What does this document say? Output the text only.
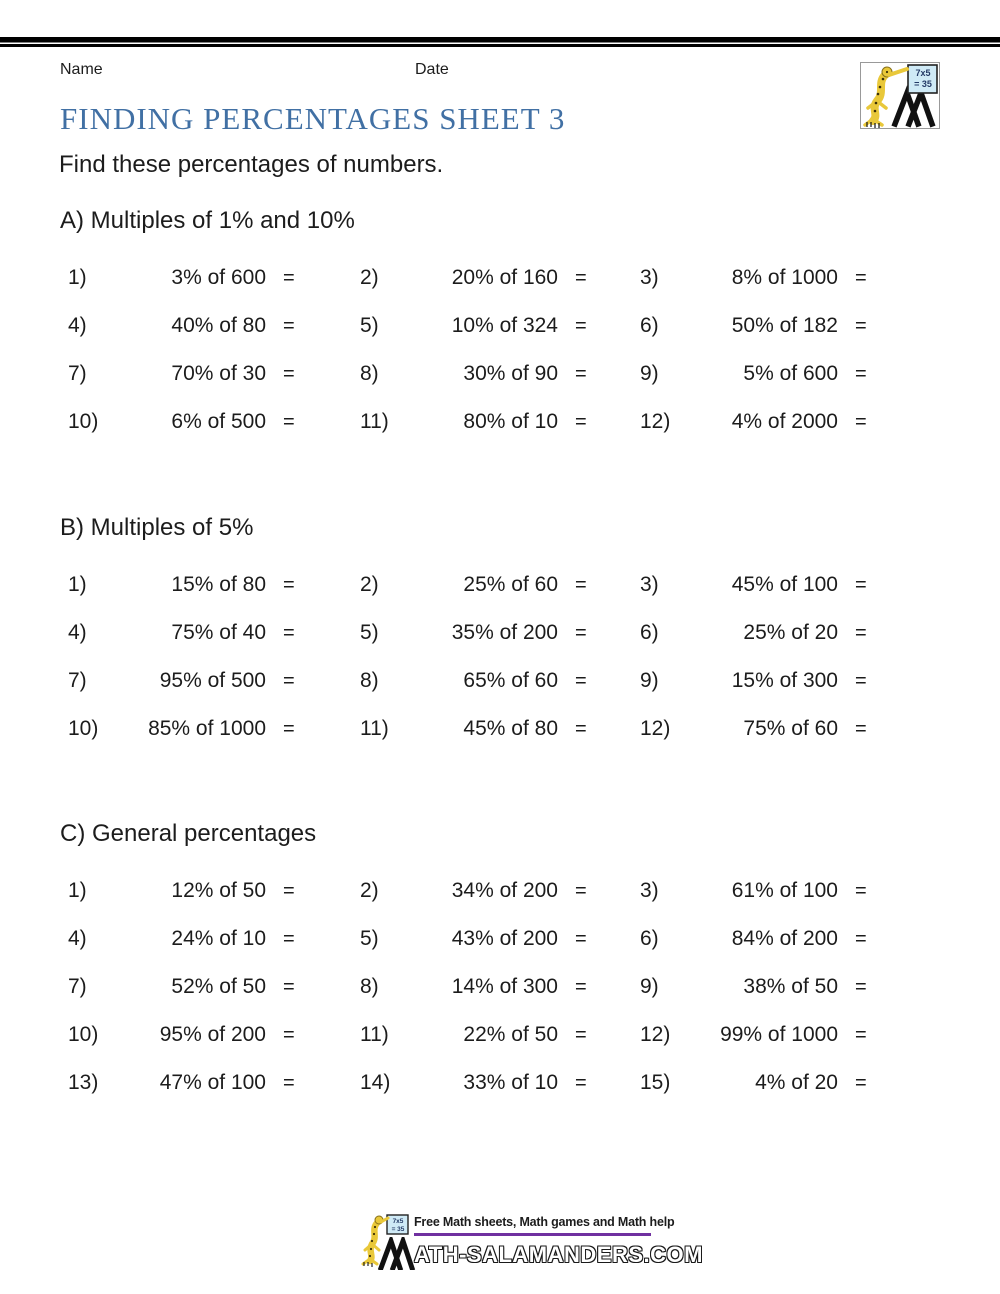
Name	Date	7x5
= 35
FINDING PERCENTAGES SHEET 3
Find these percentages of numbers.
A) Multiples of 1% and 10%
1)	3% of 600 =	2)	20% of 160 =	3)	8% of 1000 =
4)	40% of 80 =	5)	10% of 324 =	6)	50% of 182 =
7)	70% of 30 =	8)	30% of 90 =	9)	5% of 600 =
10)	6% of 500 =	11)	80% of 10 =	12)	4% of 2000 =
B) Multiples of 5%
1)	15% of 80 =	2)	25% of 60 =	3)	45% of 100 =
4)	75% of 40 =	5)	35% of 200 =	6)	25% of 20 =
7)	95% of 500 =	8)	65% of 60 =	9)	15% of 300 =
10)	85% of 1000 =	11)	45% of 80 =	12)	75% of 60 =
C) General percentages
1)	12% of 50 =	2)	34% of 200 =	3)	61% of 100 =
4)	24% of 10 =	5)	43% of 200 =	6)	84% of 200 =
7)	52% of 50 =	8)	14% of 300 =	9)	38% of 50 =
10)	95% of 200 =	11)	22% of 50 =	12)	99% of 1000 =
13)	47% of 100 =	14)	33% of 10 =	15)	4% of 20 =
7x5
= 35
Free Math sheets, Math games and Math help
ATH-SALAMANDERS.COM
